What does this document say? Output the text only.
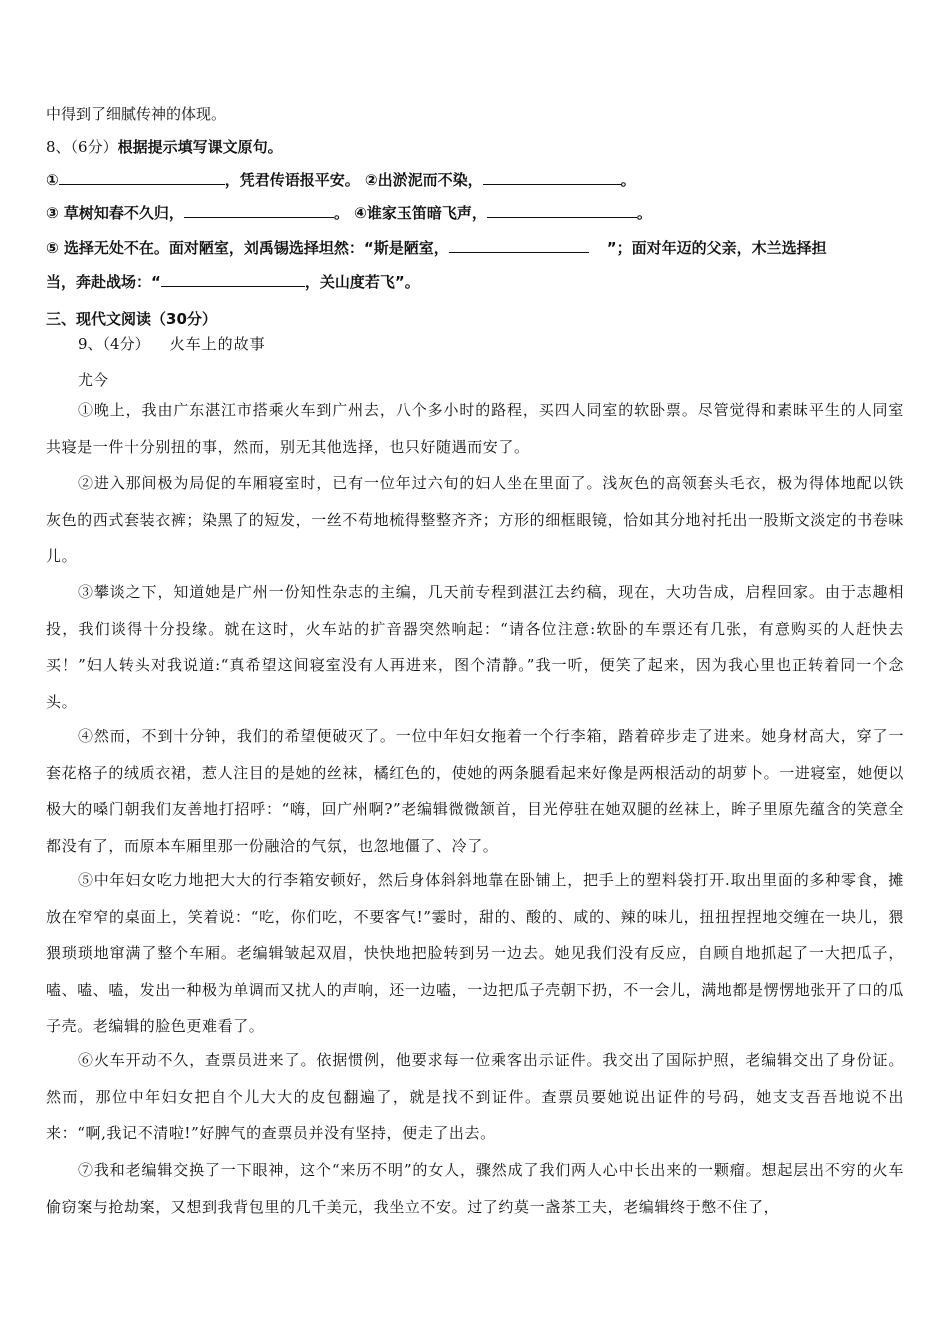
中得到了细腻传神的体现。
8、（6分）根据提示填写课文原句。
①	，凭君传语报平安。 ②出淤泥而不染，	。
③ 草树知春不久归，	。 ④谁家玉笛暗飞声，	。
⑤ 选择无处不在。面对陋室，刘禹锡选择坦然：“斯是陋室，	”；面对年迈的父亲，木兰选择担
当，奔赴战场：“	，关山度若飞”。
三、现代文阅读（30分）
9、（4分） 火车上的故事
尤今
①晚上，我由广东湛江市搭乘火车到广州去，八个多小时的路程，买四人同室的软卧票。尽管觉得和素昧平生的人同室共寝是一件十分别扭的事，然而，别无其他选择，也只好随遇而安了。
②进入那间极为局促的车厢寝室时，已有一位年过六旬的妇人坐在里面了。浅灰色的高领套头毛衣，极为得体地配以铁灰色的西式套装衣裤；染黑了的短发，一丝不苟地梳得整整齐齐；方形的细框眼镜，恰如其分地衬托出一股斯文淡定的书卷味儿。
③攀谈之下，知道她是广州一份知性杂志的主编，几天前专程到湛江去约稿，现在，大功告成，启程回家。由于志趣相投，我们谈得十分投缘。就在这时，火车站的扩音器突然响起：“请各位注意:软卧的车票还有几张，有意购买的人赶快去买！”妇人转头对我说道:“真希望这间寝室没有人再进来，图个清静。”我一听，便笑了起来，因为我心里也正转着同一个念头。
④然而，不到十分钟，我们的希望便破灭了。一位中年妇女拖着一个行李箱，踏着碎步走了进来。她身材高大，穿了一套花格子的绒质衣裙，惹人注目的是她的丝袜，橘红色的，使她的两条腿看起来好像是两根活动的胡萝卜。一进寝室，她便以极大的嗓门朝我们友善地打招呼：“嗨，回广州啊?”老编辑微微颔首，目光停驻在她双腿的丝袜上，眸子里原先蕴含的笑意全都没有了，而原本车厢里那一份融洽的气氛，也忽地僵了、冷了。
⑤中年妇女吃力地把大大的行李箱安顿好，然后身体斜斜地靠在卧铺上，把手上的塑料袋打开.取出里面的多种零食，摊放在窄窄的桌面上，笑着说：“吃，你们吃，不要客气!”霎时，甜的、酸的、咸的、辣的味儿，扭扭捏捏地交缠在一块儿，猥猥琐琐地窜满了整个车厢。老编辑皱起双眉，快快地把脸转到另一边去。她见我们没有反应，自顾自地抓起了一大把瓜子，嗑、嗑、嗑，发出一种极为单调而又扰人的声响，还一边嗑，一边把瓜子壳朝下扔，不一会儿，满地都是愣愣地张开了口的瓜子壳。老编辑的脸色更难看了。
⑥火车开动不久，查票员进来了。依据惯例，他要求每一位乘客出示证件。我交出了国际护照，老编辑交出了身份证。然而，那位中年妇女把自个儿大大的皮包翻遍了，就是找不到证件。查票员要她说出证件的号码，她支支吾吾地说不出来：“啊,我记不清啦!”好脾气的查票员并没有坚持，便走了出去。
⑦我和老编辑交换了一下眼神，这个“来历不明”的女人，骤然成了我们两人心中长出来的一颗瘤。想起层出不穷的火车偷窃案与抢劫案，又想到我背包里的几千美元，我坐立不安。过了约莫一盏茶工夫，老编辑终于憋不住了，
